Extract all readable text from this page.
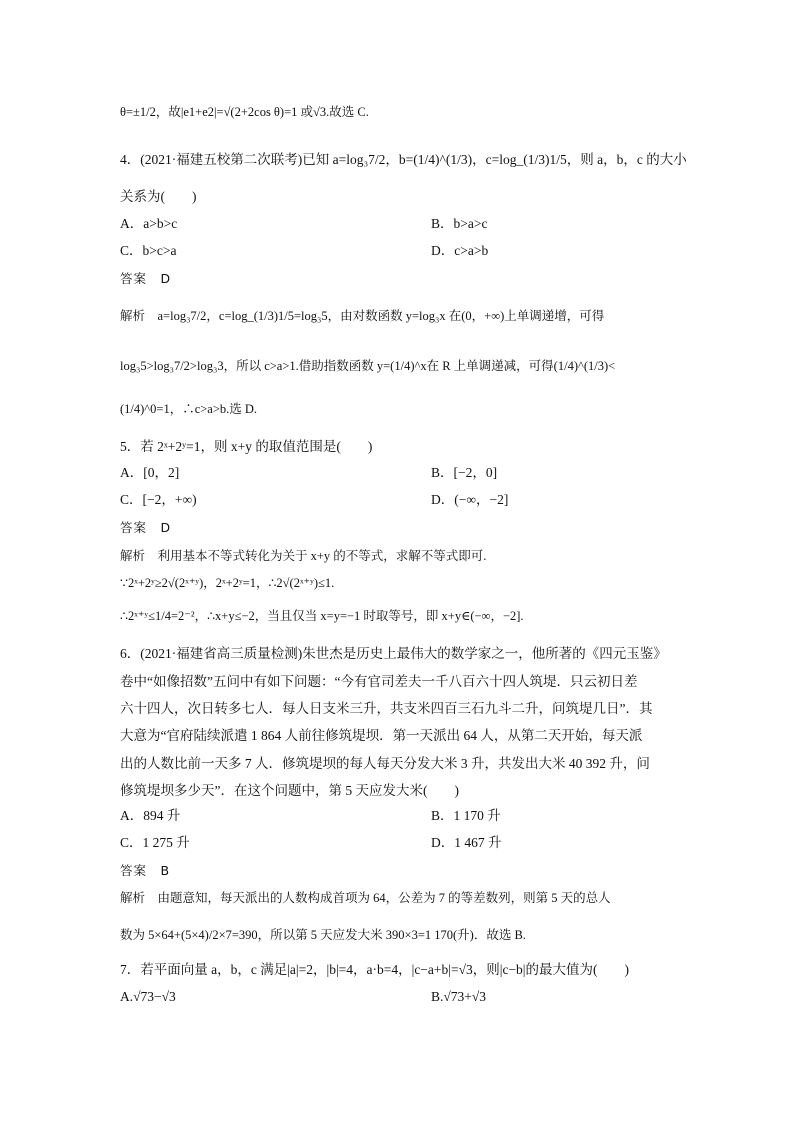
θ=±1/2，故|e1+e2|=√(2+2cos θ)=1 或√3.故选 C.
4．(2021·福建五校第二次联考)已知 a=log₃7/2，b=(1/4)^(1/3)，c=log_(1/3)1/5，则 a，b，c 的大小
关系为(　　)
答案　D
解析　a=log₃7/2，c=log_(1/3)1/5=log₃5，由对数函数 y=log₃x 在(0，+∞)上单调递增，可得
log₃5>log₃7/2>log₃3，所以 c>a>1.借助指数函数 y=(1/4)^x在 R 上单调递减，可得(1/4)^(1/3)<
(1/4)^0=1，∴c>a>b.选 D.
5．若 2ˣ+2ʸ=1，则 x+y 的取值范围是(　　)
答案　D
解析　利用基本不等式转化为关于 x+y 的不等式，求解不等式即可.
∵2ˣ+2ʸ≥2√(2ˣ⁺ʸ)，2ˣ+2ʸ=1，∴2√(2ˣ⁺ʸ)≤1.
∴2ˣ⁺ʸ≤1/4=2⁻²，∴x+y≤−2，当且仅当 x=y=−1 时取等号，即 x+y∈(−∞，−2].
6．(2021·福建省高三质量检测)朱世杰是历史上最伟大的数学家之一，他所著的《四元玉鉴》
卷中“如像招数”五问中有如下问题：“今有官司差夫一千八百六十四人筑堤．只云初日差
六十四人，次日转多七人．每人日支米三升，共支米四百三石九斗二升，问筑堤几日”．其
大意为“官府陆续派遣 1 864 人前往修筑堤坝．第一天派出 64 人，从第二天开始，每天派
出的人数比前一天多 7 人．修筑堤坝的每人每天分发大米 3 升，共发出大米 40 392 升，问
修筑堤坝多少天”．在这个问题中，第 5 天应发大米(　　)
答案　B
解析　由题意知，每天派出的人数构成首项为 64，公差为 7 的等差数列，则第 5 天的总人
数为 5×64+(5×4)/2×7=390，所以第 5 天应发大米 390×3=1 170(升)．故选 B.
7．若平面向量 a，b，c 满足|a|=2，|b|=4，a·b=4，|c−a+b|=√3，则|c−b|的最大值为(　　)
A．a>b>c	B．b>a>c
C．b>c>a	D．c>a>b
A．[0，2]	B．[−2，0]
C．[−2，+∞)	D．(−∞，−2]
A．894 升	B．1 170 升
C．1 275 升	D．1 467 升
A.√73−√3	B.√73+√3
